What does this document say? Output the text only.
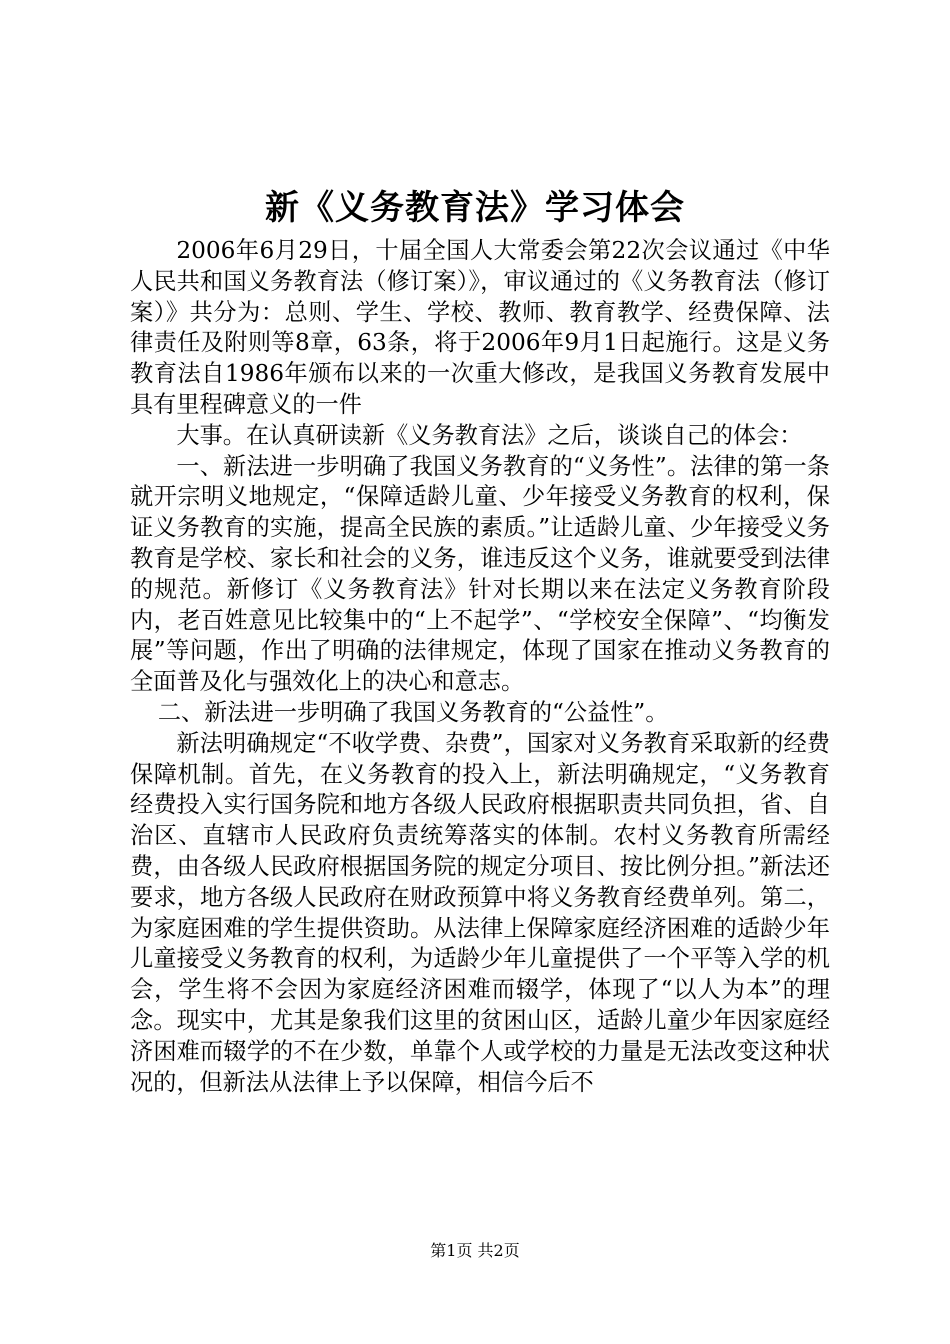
新《义务教育法》学习体会

2006年6月29日，十届全国人大常委会第22次会议通过《中华人民共和国义务教育法（修订案）》，审议通过的《义务教育法（修订案）》共分为：总则、学生、学校、教师、教育教学、经费保障、法律责任及附则等8章，63条，将于2006年9月1日起施行。这是义务教育法自1986年颁布以来的一次重大修改，是我国义务教育发展中具有里程碑意义的一件

大事。在认真研读新《义务教育法》之后，谈谈自己的体会：

一、新法进一步明确了我国义务教育的“义务性”。法律的第一条就开宗明义地规定，“保障适龄儿童、少年接受义务教育的权利，保证义务教育的实施，提高全民族的素质。”让适龄儿童、少年接受义务教育是学校、家长和社会的义务，谁违反这个义务，谁就要受到法律的规范。新修订《义务教育法》针对长期以来在法定义务教育阶段内，老百姓意见比较集中的“上不起学”、“学校安全保障”、“均衡发展”等问题，作出了明确的法律规定，体现了国家在推动义务教育的全面普及化与强效化上的决心和意志。

二、新法进一步明确了我国义务教育的“公益性”。

新法明确规定“不收学费、杂费”，国家对义务教育采取新的经费保障机制。首先，在义务教育的投入上，新法明确规定，“义务教育经费投入实行国务院和地方各级人民政府根据职责共同负担，省、自治区、直辖市人民政府负责统筹落实的体制。农村义务教育所需经费，由各级人民政府根据国务院的规定分项目、按比例分担。”新法还要求，地方各级人民政府在财政预算中将义务教育经费单列。第二，为家庭困难的学生提供资助。从法律上保障家庭经济困难的适龄少年儿童接受义务教育的权利，为适龄少年儿童提供了一个平等入学的机会，学生将不会因为家庭经济困难而辍学，体现了“以人为本”的理念。现实中，尤其是象我们这里的贫困山区，适龄儿童少年因家庭经济困难而辍学的不在少数，单靠个人或学校的力量是无法改变这种状况的，但新法从法律上予以保障，相信今后不

第1页 共2页
